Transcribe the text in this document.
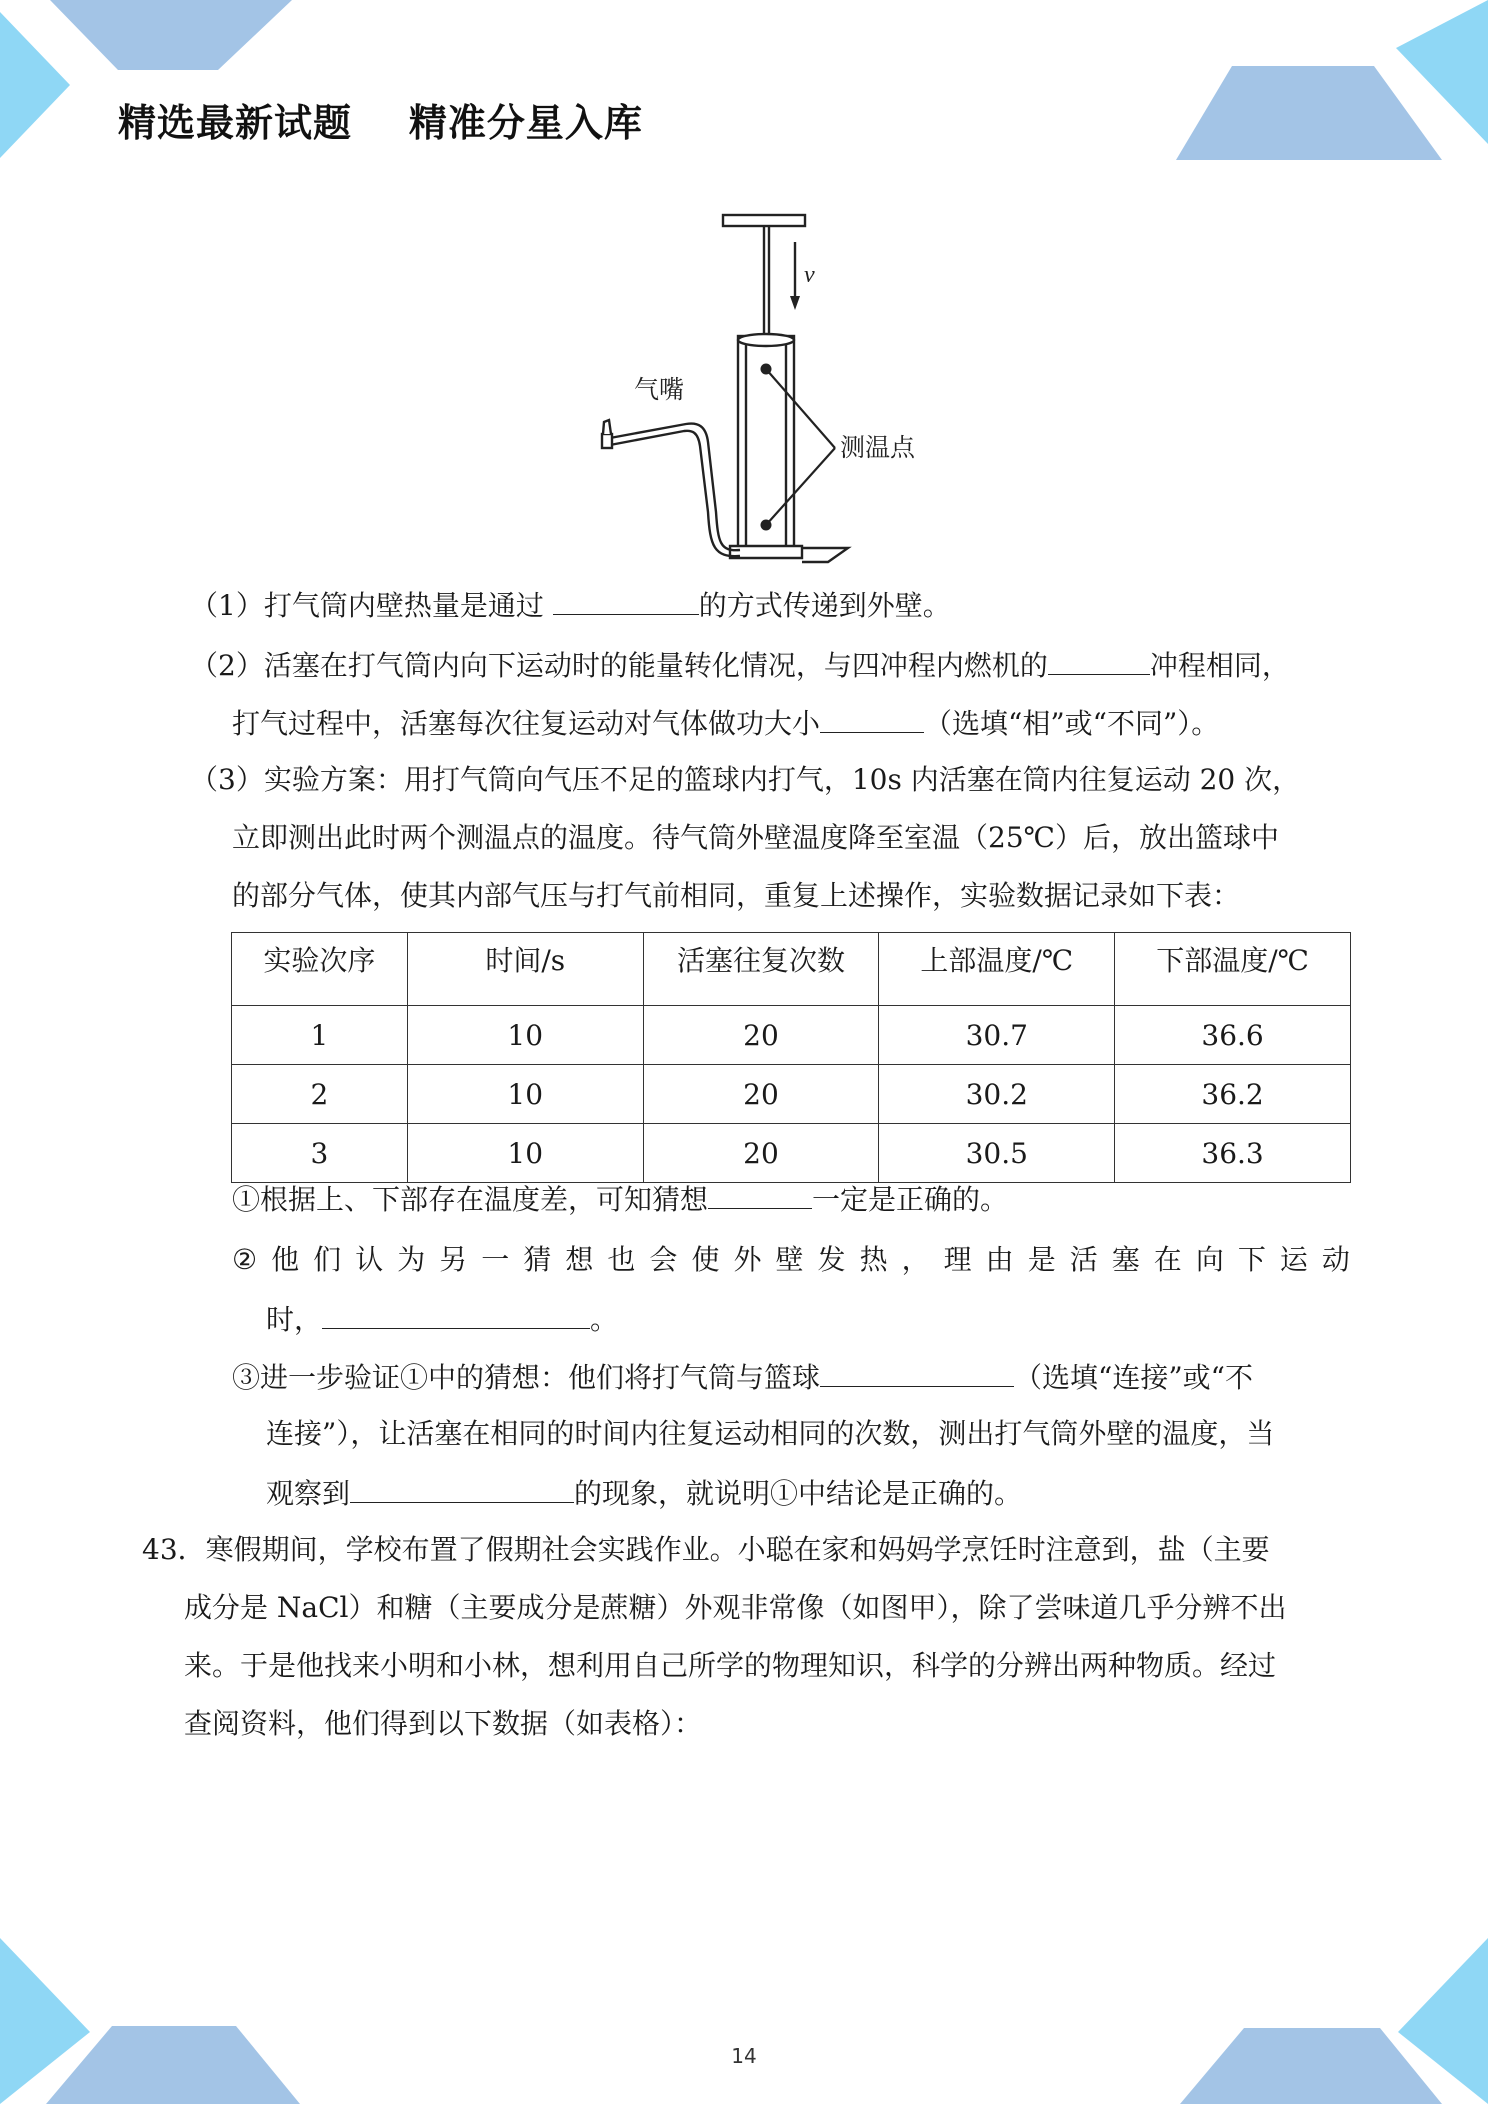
精选最新试题    精准分星入库
v
气嘴
测温点
（1）打气筒内壁热量是通过	的方式传递到外壁。
（2）活塞在打气筒内向下运动时的能量转化情况，与四冲程内燃机的	冲程相同，
打气过程中，活塞每次往复运动对气体做功大小	（选填“相”或“不同”）。
（3）实验方案：用打气筒向气压不足的篮球内打气，10s 内活塞在筒内往复运动 20 次，
立即测出此时两个测温点的温度。待气筒外壁温度降至室温（25℃）后，放出篮球中
的部分气体，使其内部气压与打气前相同，重复上述操作，实验数据记录如下表：
实验次序	时间/s	活塞往复次数	上部温度/℃	下部温度/℃
1	10	20	30.7	36.6
2	10	20	30.2	36.2
3	10	20	30.5	36.3
①根据上、下部存在温度差，可知猜想	一定是正确的。
② 他 们 认 为 另 一 猜 想 也 会 使 外 壁 发 热 ， 理 由 是 活 塞 在 向 下 运 动
时，	。
③进一步验证①中的猜想：他们将打气筒与篮球	（选填“连接”或“不
连接”），让活塞在相同的时间内往复运动相同的次数，测出打气筒外壁的温度，当
观察到	的现象，就说明①中结论是正确的。
43．寒假期间，学校布置了假期社会实践作业。小聪在家和妈妈学烹饪时注意到，盐（主要
成分是 NaCl）和糖（主要成分是蔗糖）外观非常像（如图甲），除了尝味道几乎分辨不出
来。于是他找来小明和小林，想利用自己所学的物理知识，科学的分辨出两种物质。经过
查阅资料，他们得到以下数据（如表格）：
14
